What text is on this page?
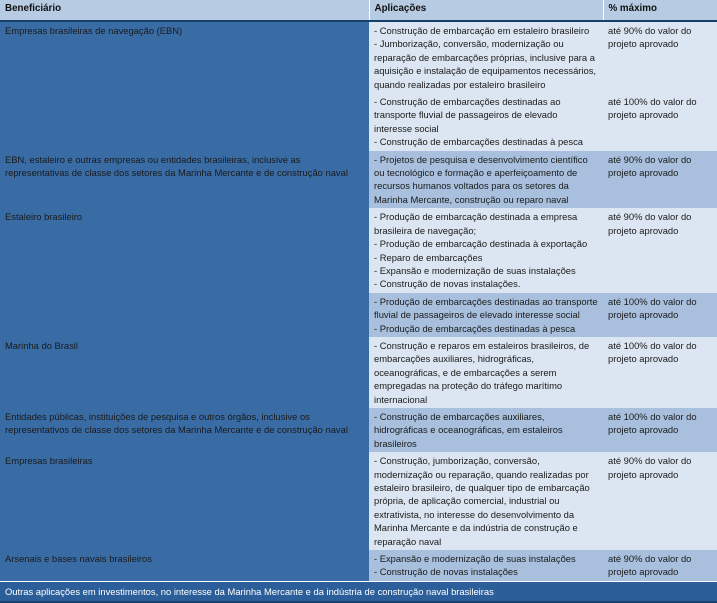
Beneficiário	Aplicações	% máximo
Empresas brasileiras de navegação (EBN)	- Construção de embarcação em estaleiro brasileiro
- Jumborização, conversão, modernização ou reparação de embarcações próprias, inclusive para a aquisição e instalação de equipamentos necessários, quando realizadas por estaleiro brasileiro	até 90% do valor do projeto aprovado

	- Construção de embarcações destinadas ao transporte fluvial de passageiros de elevado interesse social
- Construção de embarcações destinadas à pesca	até 100% do valor do projeto aprovado
EBN, estaleiro e outras empresas ou entidades brasileiras, inclusive as representativas de classe dos setores da Marinha Mercante e de construção naval	- Projetos de pesquisa e desenvolvimento científico ou tecnológico e formação e aperfeiçoamento de recursos humanos voltados para os setores da Marinha Mercante, construção ou reparo naval	até 90% do valor do projeto aprovado
Estaleiro brasileiro	- Produção de embarcação destinada a empresa brasileira de navegação;
- Produção de embarcação destinada à exportação
- Reparo de embarcações
- Expansão e modernização de suas instalações
- Construção de novas instalações.	até 90% do valor do projeto aprovado

	- Produção de embarcações destinadas ao transporte fluvial de passageiros de elevado interesse social
- Produção de embarcações destinadas à pesca	até 100% do valor do projeto aprovado
Marinha do Brasil	- Construção e reparos em estaleiros brasileiros, de embarcações auxiliares, hidrográficas, oceanográficas, e de embarcações a serem empregadas na proteção do tráfego marítimo internacional	até 100% do valor do projeto aprovado
Entidades públicas, instituições de pesquisa e outros órgãos, inclusive os representativos de classe dos setores da Marinha Mercante e de construção naval	- Construção de embarcações auxiliares, hidrográficas e oceanográficas, em estaleiros brasileiros	até 100% do valor do projeto aprovado
Empresas brasileiras	- Construção, jumborização, conversão, modernização ou reparação, quando realizadas por estaleiro brasileiro, de qualquer tipo de embarcação própria, de aplicação comercial, industrial ou extrativista, no interesse do desenvolvimento da Marinha Mercante e da indústria de construção e reparação naval	até 90% do valor do projeto aprovado
Arsenais e bases navais brasileiros	- Expansão e modernização de suas instalações
- Construção de novas instalações	até 90% do valor do projeto aprovado
Outras aplicações em investimentos, no interesse da Marinha Mercante e da indústria de construção naval brasileiras		
